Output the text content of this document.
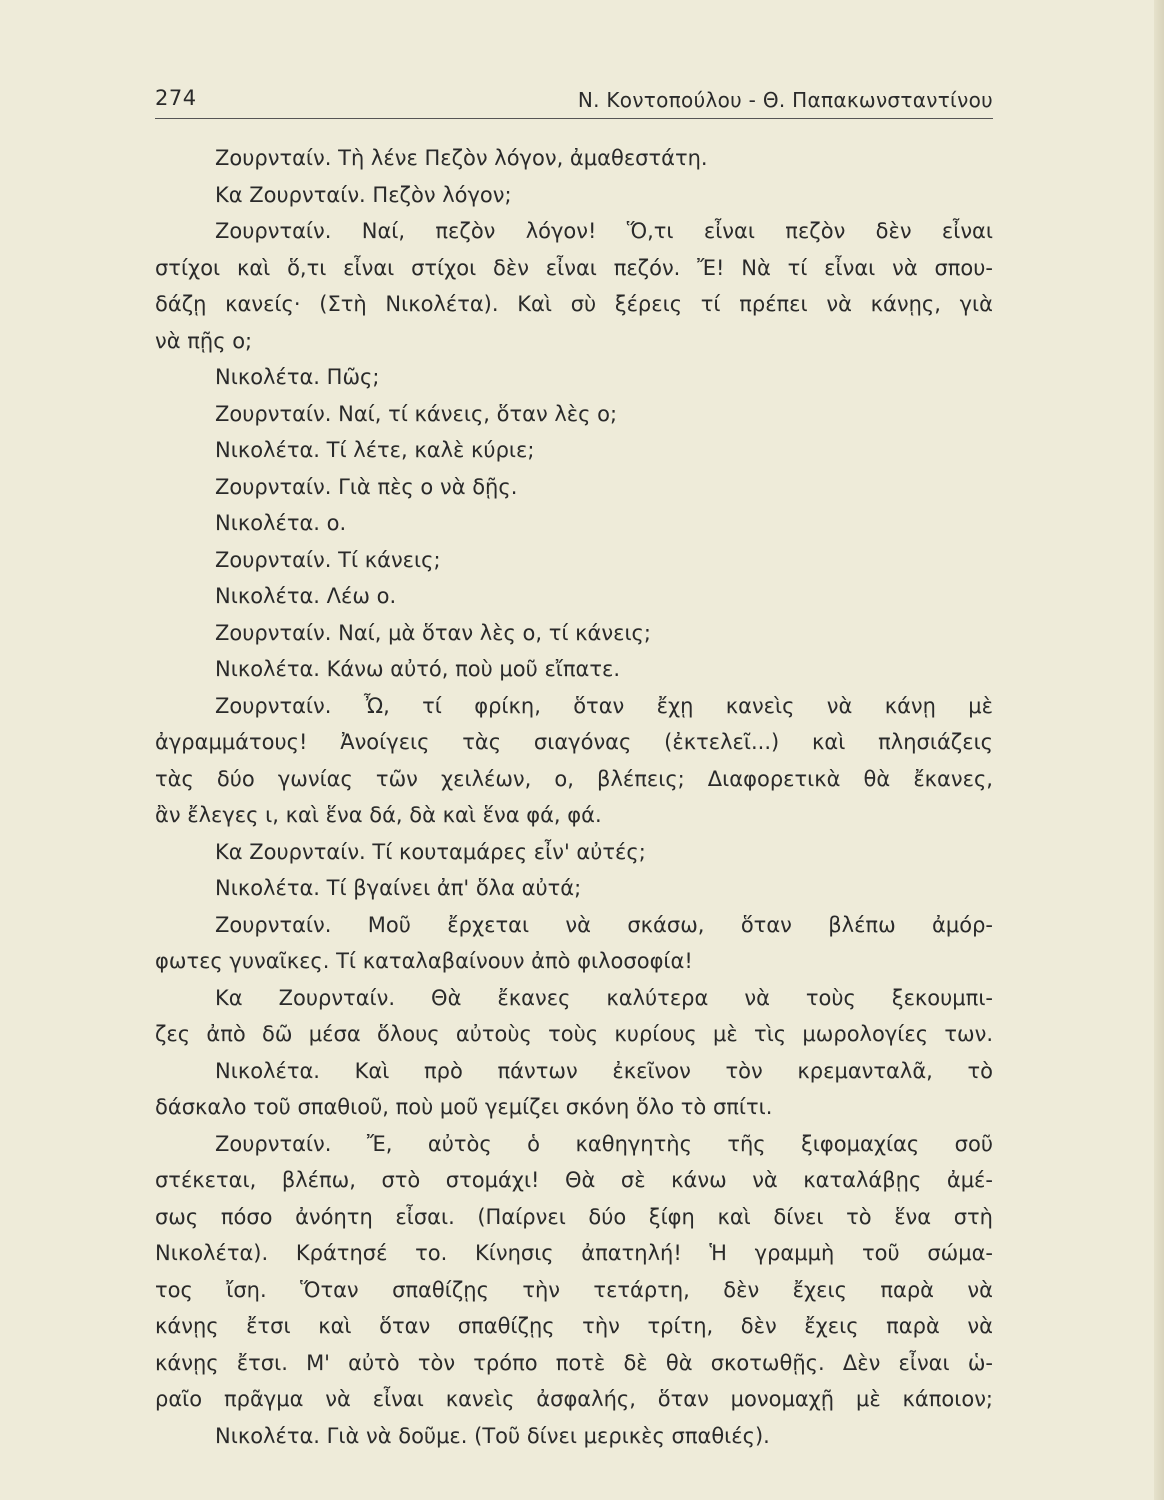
274	Ν. Κοντοπούλου - Θ. Παπακωνσταντίνου
Ζουρνταίν. Τὴ λένε Πεζὸν λόγον, ἀμαθεστάτη.
Κα Ζουρνταίν. Πεζὸν λόγον;
Ζουρνταίν. Ναί, πεζὸν λόγον! Ὅ,τι εἶναι πεζὸν δὲν εἶναι
στίχοι καὶ ὅ,τι εἶναι στίχοι δὲν εἶναι πεζόν. Ἔ! Νὰ τί εἶναι νὰ σπου-
δάζῃ κανείς· (Στὴ Νικολέτα). Καὶ σὺ ξέρεις τί πρέπει νὰ κάνῃς, γιὰ
νὰ πῇς ο;
Νικολέτα. Πῶς;
Ζουρνταίν. Ναί, τί κάνεις, ὅταν λὲς ο;
Νικολέτα. Τί λέτε, καλὲ κύριε;
Ζουρνταίν. Γιὰ πὲς ο νὰ δῇς.
Νικολέτα. ο.
Ζουρνταίν. Τί κάνεις;
Νικολέτα. Λέω ο.
Ζουρνταίν. Ναί, μὰ ὅταν λὲς ο, τί κάνεις;
Νικολέτα. Κάνω αὐτό, ποὺ μοῦ εἴπατε.
Ζουρνταίν. Ὦ, τί φρίκη, ὅταν ἔχῃ κανεὶς νὰ κάνῃ μὲ
ἀγραμμάτους! Ἀνοίγεις τὰς σιαγόνας (ἐκτελεῖ...) καὶ πλησιάζεις
τὰς δύο γωνίας τῶν χειλέων, ο, βλέπεις; Διαφορετικὰ θὰ ἔκανες,
ἂν ἔλεγες ι, καὶ ἕνα δά, δὰ καὶ ἕνα φά, φά.
Κα Ζουρνταίν. Τί κουταμάρες εἶν' αὐτές;
Νικολέτα. Τί βγαίνει ἀπ' ὅλα αὐτά;
Ζουρνταίν. Μοῦ ἔρχεται νὰ σκάσω, ὅταν βλέπω ἀμόρ-
φωτες γυναῖκες. Τί καταλαβαίνουν ἀπὸ φιλοσοφία!
Κα Ζουρνταίν. Θὰ ἔκανες καλύτερα νὰ τοὺς ξεκουμπι-
ζες ἀπὸ δῶ μέσα ὅλους αὐτοὺς τοὺς κυρίους μὲ τὶς μωρολογίες των.
Νικολέτα. Καὶ πρὸ πάντων ἐκεῖνον τὸν κρεμανταλᾶ, τὸ
δάσκαλο τοῦ σπαθιοῦ, ποὺ μοῦ γεμίζει σκόνη ὅλο τὸ σπίτι.
Ζουρνταίν. Ἔ, αὐτὸς ὁ καθηγητὴς τῆς ξιφομαχίας σοῦ
στέκεται, βλέπω, στὸ στομάχι! Θὰ σὲ κάνω νὰ καταλάβῃς ἀμέ-
σως πόσο ἀνόητη εἶσαι. (Παίρνει δύο ξίφη καὶ δίνει τὸ ἕνα στὴ
Νικολέτα). Κράτησέ το. Κίνησις ἀπατηλή! Ἡ γραμμὴ τοῦ σώμα-
τος ἴση. Ὅταν σπαθίζῃς τὴν τετάρτη, δὲν ἔχεις παρὰ νὰ
κάνῃς ἔτσι καὶ ὅταν σπαθίζῃς τὴν τρίτη, δὲν ἔχεις παρὰ νὰ
κάνῃς ἔτσι. Μ' αὐτὸ τὸν τρόπο ποτὲ δὲ θὰ σκοτωθῇς. Δὲν εἶναι ὡ-
ραῖο πρᾶγμα νὰ εἶναι κανεὶς ἀσφαλής, ὅταν μονομαχῇ μὲ κάποιον;
Νικολέτα. Γιὰ νὰ δοῦμε. (Τοῦ δίνει μερικὲς σπαθιές).
